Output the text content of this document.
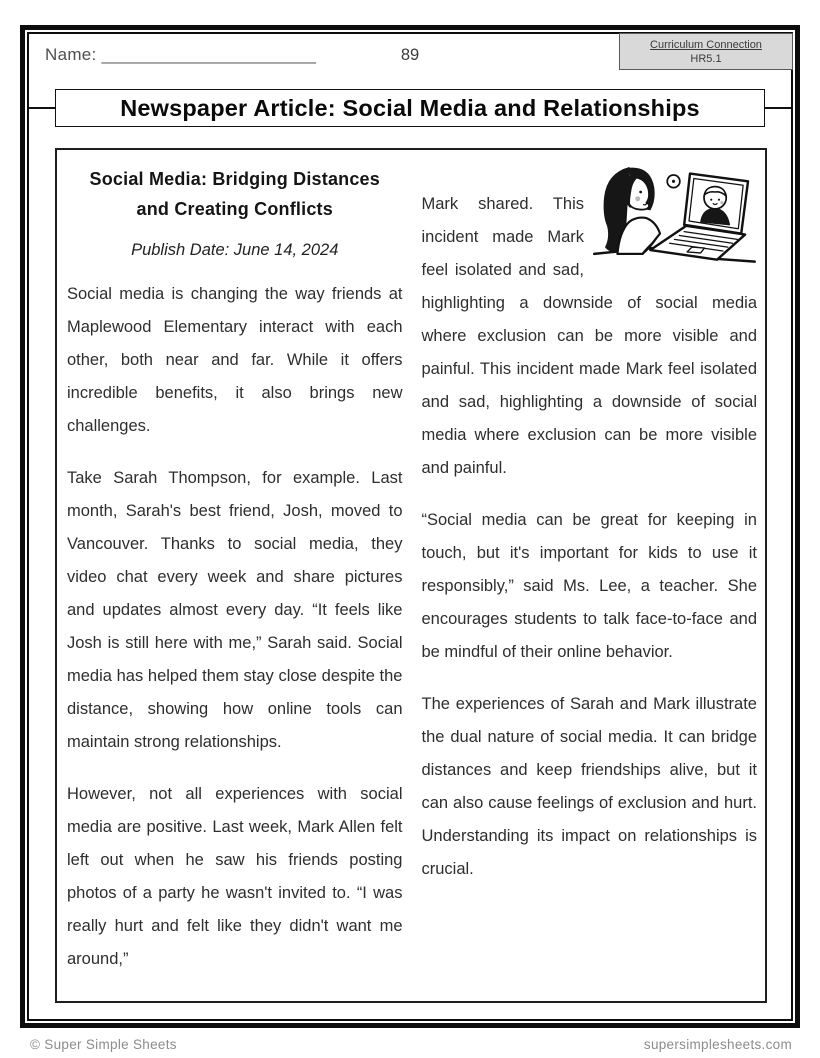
Name: ______________________	89
Curriculum Connection
HR5.1
Newspaper Article: Social Media and Relationships
Social Media: Bridging Distances and Creating Conflicts
Publish Date: June 14, 2024

Social media is changing the way friends at Maplewood Elementary interact with each other, both near and far. While it offers incredible benefits, it also brings new challenges.

Take Sarah Thompson, for example. Last month, Sarah's best friend, Josh, moved to Vancouver. Thanks to social media, they video chat every week and share pictures and updates almost every day. “It feels like Josh is still here with me,” Sarah said. Social media has helped them stay close despite the distance, showing how online tools can maintain strong relationships.

However, not all experiences with social media are positive. Last week, Mark Allen felt left out when he saw his friends posting photos of a party he wasn't invited to. “I was really hurt and felt like they didn't want me around,”

Mark shared. This incident made Mark feel isolated and sad, highlighting a downside of social media where exclusion can be more visible and painful. This incident made Mark feel isolated and sad, highlighting a downside of social media where exclusion can be more visible and painful.

“Social media can be great for keeping in touch, but it's important for kids to use it responsibly,” said Ms. Lee, a teacher. She encourages students to talk face-to-face and be mindful of their online behavior.

The experiences of Sarah and Mark illustrate the dual nature of social media. It can bridge distances and keep friendships alive, but it can also cause feelings of exclusion and hurt. Understanding its impact on relationships is crucial.

© Super Simple Sheets	supersimplesheets.com
